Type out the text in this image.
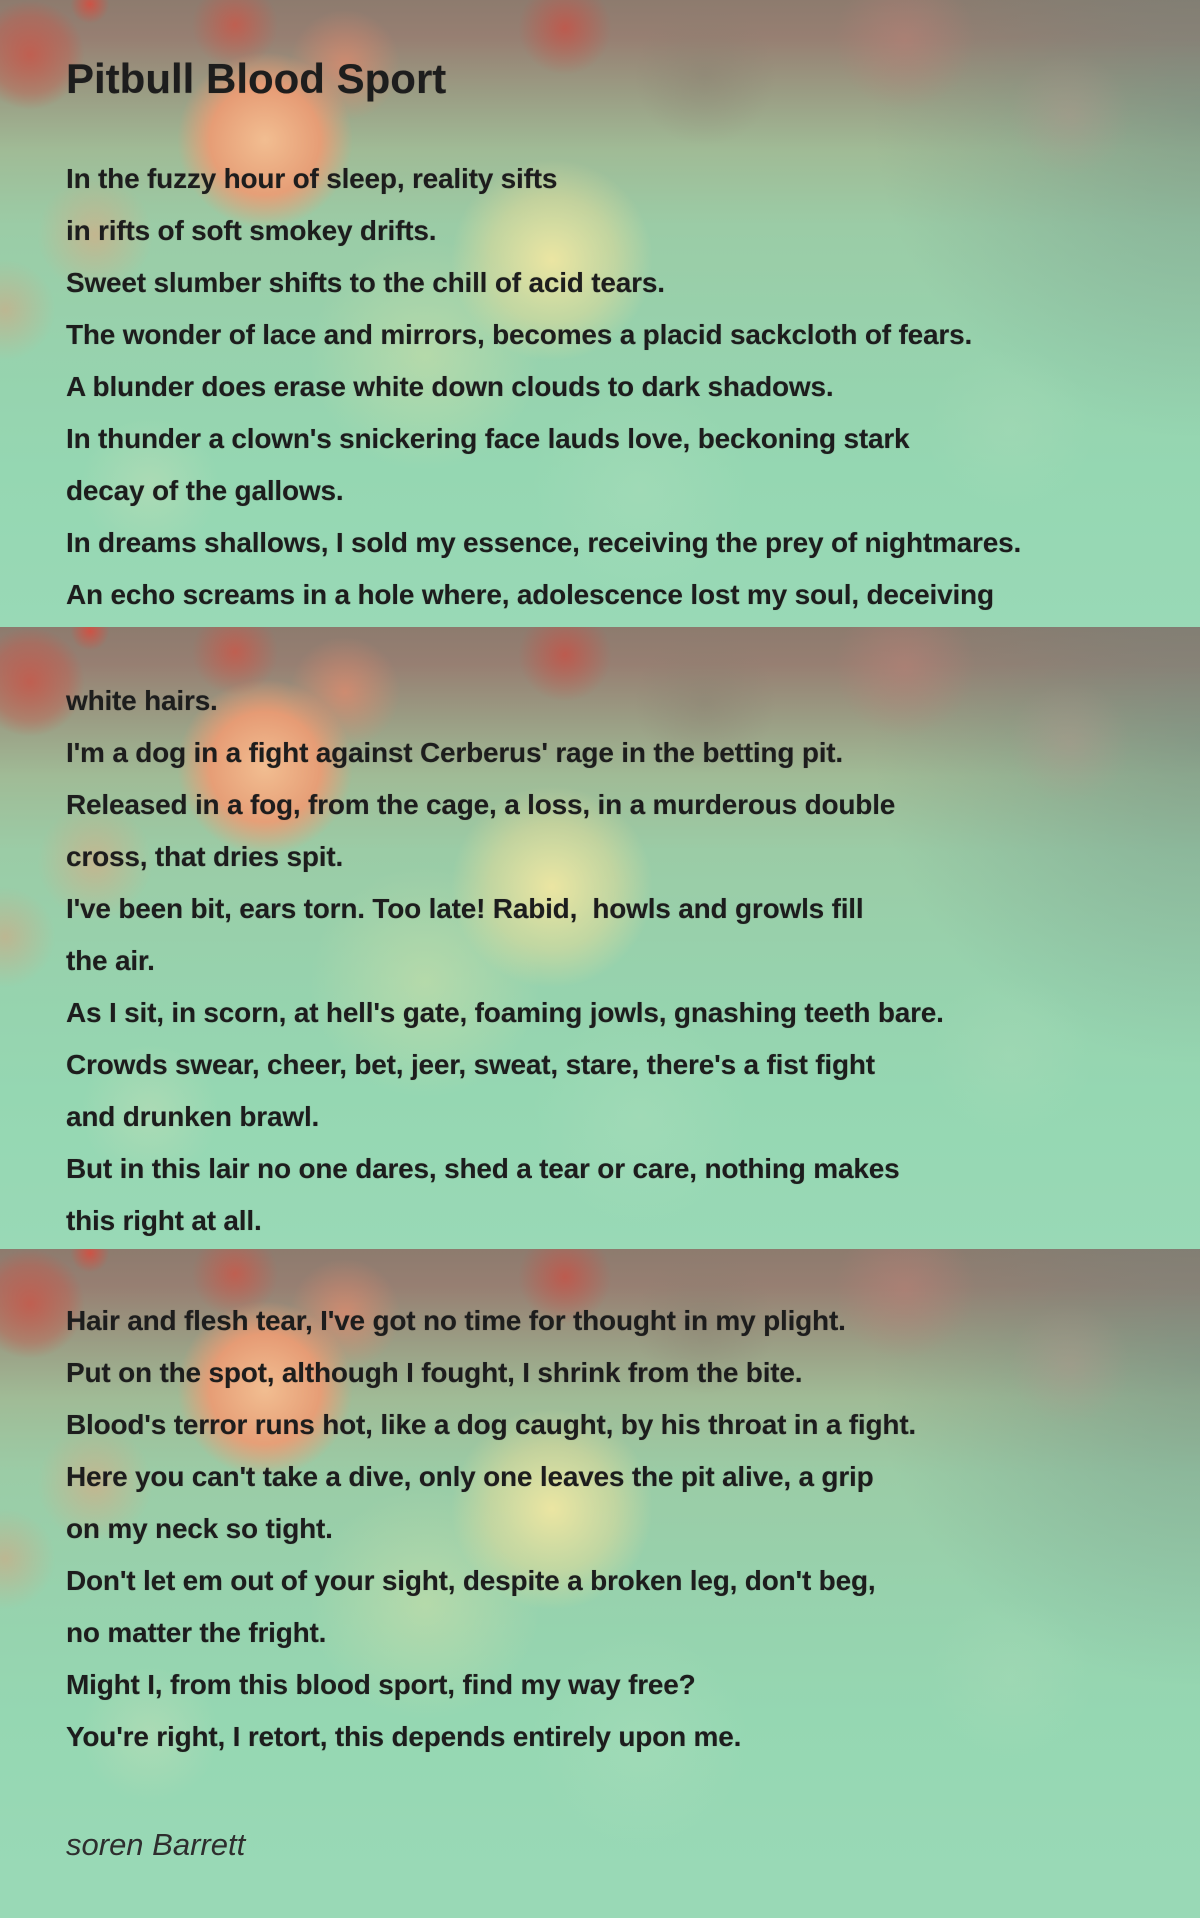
Pitbull Blood Sport
In the fuzzy hour of sleep, reality sifts
in rifts of soft smokey drifts.
Sweet slumber shifts to the chill of acid tears.
The wonder of lace and mirrors, becomes a placid sackcloth of fears.
A blunder does erase white down clouds to dark shadows.
In thunder a clown's snickering face lauds love, beckoning stark
decay of the gallows.
In dreams shallows, I sold my essence, receiving the prey of nightmares.
An echo screams in a hole where, adolescence lost my soul, deceiving
white hairs.
I'm a dog in a fight against Cerberus' rage in the betting pit.
Released in a fog, from the cage, a loss, in a murderous double
cross, that dries spit.
I've been bit, ears torn. Too late! Rabid,  howls and growls fill
the air.
As I sit, in scorn, at hell's gate, foaming jowls, gnashing teeth bare.
Crowds swear, cheer, bet, jeer, sweat, stare, there's a fist fight
and drunken brawl.
But in this lair no one dares, shed a tear or care, nothing makes
this right at all.
Hair and flesh tear, I've got no time for thought in my plight.
Put on the spot, although I fought, I shrink from the bite.
Blood's terror runs hot, like a dog caught, by his throat in a fight.
Here you can't take a dive, only one leaves the pit alive, a grip
on my neck so tight.
Don't let em out of your sight, despite a broken leg, don't beg,
no matter the fright.
Might I, from this blood sport, find my way free?
You're right, I retort, this depends entirely upon me.
soren Barrett
